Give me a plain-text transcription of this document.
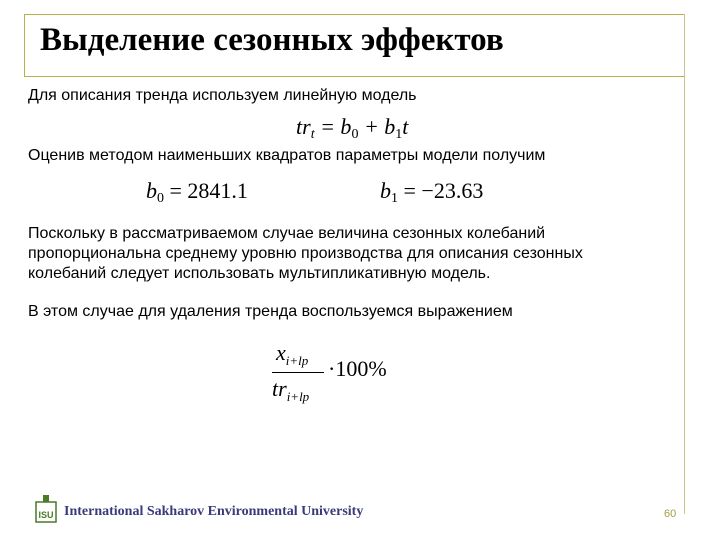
Выделение сезонных эффектов
Для описания тренда используем линейную модель
$tr_t = b_0 + b_1t$
Оценив методом наименьших квадратов параметры модели получим
$b_0 = 2841.1$	$b_1 = -23.63$
Поскольку в рассматриваемом случае величина сезонных колебаний
пропорциональна среднему уровню производства для описания сезонных
колебаний следует использовать мультипликативную модель.
В этом случае для удаления тренда воспользуемся выражением
$x_{i+lp}$
$tr_{i+lp}$
·100%
ISU International Sakharov Environmental University	60
